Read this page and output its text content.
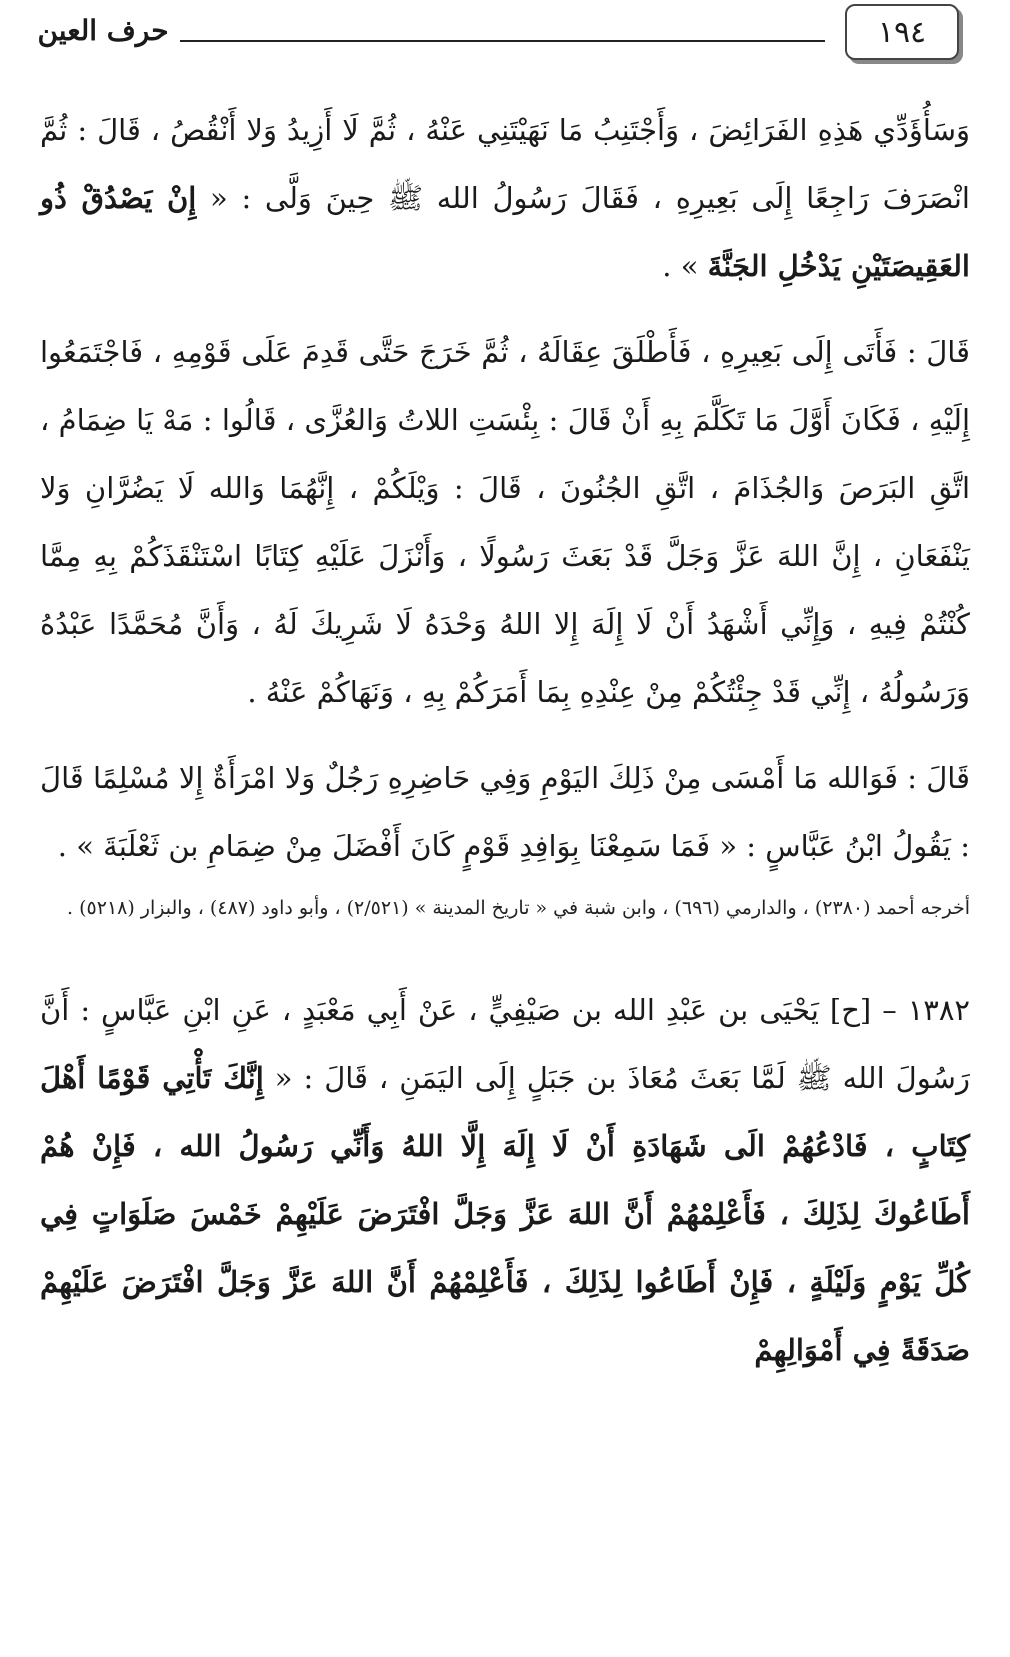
١٩٤
حرف العين

وَسَأُؤَدِّي هَذِهِ الفَرَائِضَ ، وَأَجْتَنِبُ مَا نَهَيْتَنِي عَنْهُ ، ثُمَّ لَا أَزِيدُ وَلا أَنْقُصُ ، قَالَ : ثُمَّ انْصَرَفَ رَاجِعًا إِلَى بَعِيرِهِ ، فَقَالَ رَسُولُ الله ﷺ حِينَ وَلَّى : « إِنْ يَصْدُقْ ذُو العَقِيصَتَيْنِ يَدْخُلِ الجَنَّةَ » .

قَالَ : فَأَتَى إِلَى بَعِيرِهِ ، فَأَطْلَقَ عِقَالَهُ ، ثُمَّ خَرَجَ حَتَّى قَدِمَ عَلَى قَوْمِهِ ، فَاجْتَمَعُوا إِلَيْهِ ، فَكَانَ أَوَّلَ مَا تَكَلَّمَ بِهِ أَنْ قَالَ : بِئْسَتِ اللاتُ وَالعُزَّى ، قَالُوا : مَهْ يَا ضِمَامُ ، اتَّقِ البَرَصَ وَالجُذَامَ ، اتَّقِ الجُنُونَ ، قَالَ : وَيْلَكُمْ ، إِنَّهُمَا وَالله لَا يَضُرَّانِ وَلا يَنْفَعَانِ ، إِنَّ اللهَ عَزَّ وَجَلَّ قَدْ بَعَثَ رَسُولًا ، وَأَنْزَلَ عَلَيْهِ كِتَابًا اسْتَنْقَذَكُمْ بِهِ مِمَّا كُنْتُمْ فِيهِ ، وَإِنِّي أَشْهَدُ أَنْ لَا إِلَهَ إِلا اللهُ وَحْدَهُ لَا شَرِيكَ لَهُ ، وَأَنَّ مُحَمَّدًا عَبْدُهُ وَرَسُولُهُ ، إِنِّي قَدْ جِئْتُكُمْ مِنْ عِنْدِهِ بِمَا أَمَرَكُمْ بِهِ ، وَنَهَاكُمْ عَنْهُ .

قَالَ : فَوَالله مَا أَمْسَى مِنْ ذَلِكَ اليَوْمِ وَفِي حَاضِرِهِ رَجُلٌ وَلا امْرَأَةٌ إِلا مُسْلِمًا قَالَ : يَقُولُ ابْنُ عَبَّاسٍ : « فَمَا سَمِعْنَا بِوَافِدِ قَوْمٍ كَانَ أَفْضَلَ مِنْ ضِمَامِ بن ثَعْلَبَةَ » .

أخرجه أحمد (٢٣٨٠) ، والدارمي (٦٩٦) ، وابن شبة في « تاريخ المدينة » (٢/٥٢١) ، وأبو داود (٤٨٧) ، والبزار (٥٢١٨) .

١٣٨٢ – [ح] يَحْيَى بن عَبْدِ الله بن صَيْفِيٍّ ، عَنْ أَبِي مَعْبَدٍ ، عَنِ ابْنِ عَبَّاسٍ : أَنَّ رَسُولَ الله ﷺ لَمَّا بَعَثَ مُعَاذَ بن جَبَلٍ إِلَى اليَمَنِ ، قَالَ : « إِنَّكَ تَأْتِي قَوْمًا أَهْلَ كِتَابٍ ، فَادْعُهُمْ الَى شَهَادَةِ أَنْ لَا إِلَهَ إِلَّا اللهُ وَأَنِّي رَسُولُ الله ، فَإِنْ هُمْ أَطَاعُوكَ لِذَلِكَ ، فَأَعْلِمْهُمْ أَنَّ اللهَ عَزَّ وَجَلَّ افْتَرَضَ عَلَيْهِمْ خَمْسَ صَلَوَاتٍ فِي كُلِّ يَوْمٍ وَلَيْلَةٍ ، فَإِنْ أَطَاعُوا لِذَلِكَ ، فَأَعْلِمْهُمْ أَنَّ اللهَ عَزَّ وَجَلَّ افْتَرَضَ عَلَيْهِمْ صَدَقَةً فِي أَمْوَالِهِمْ
